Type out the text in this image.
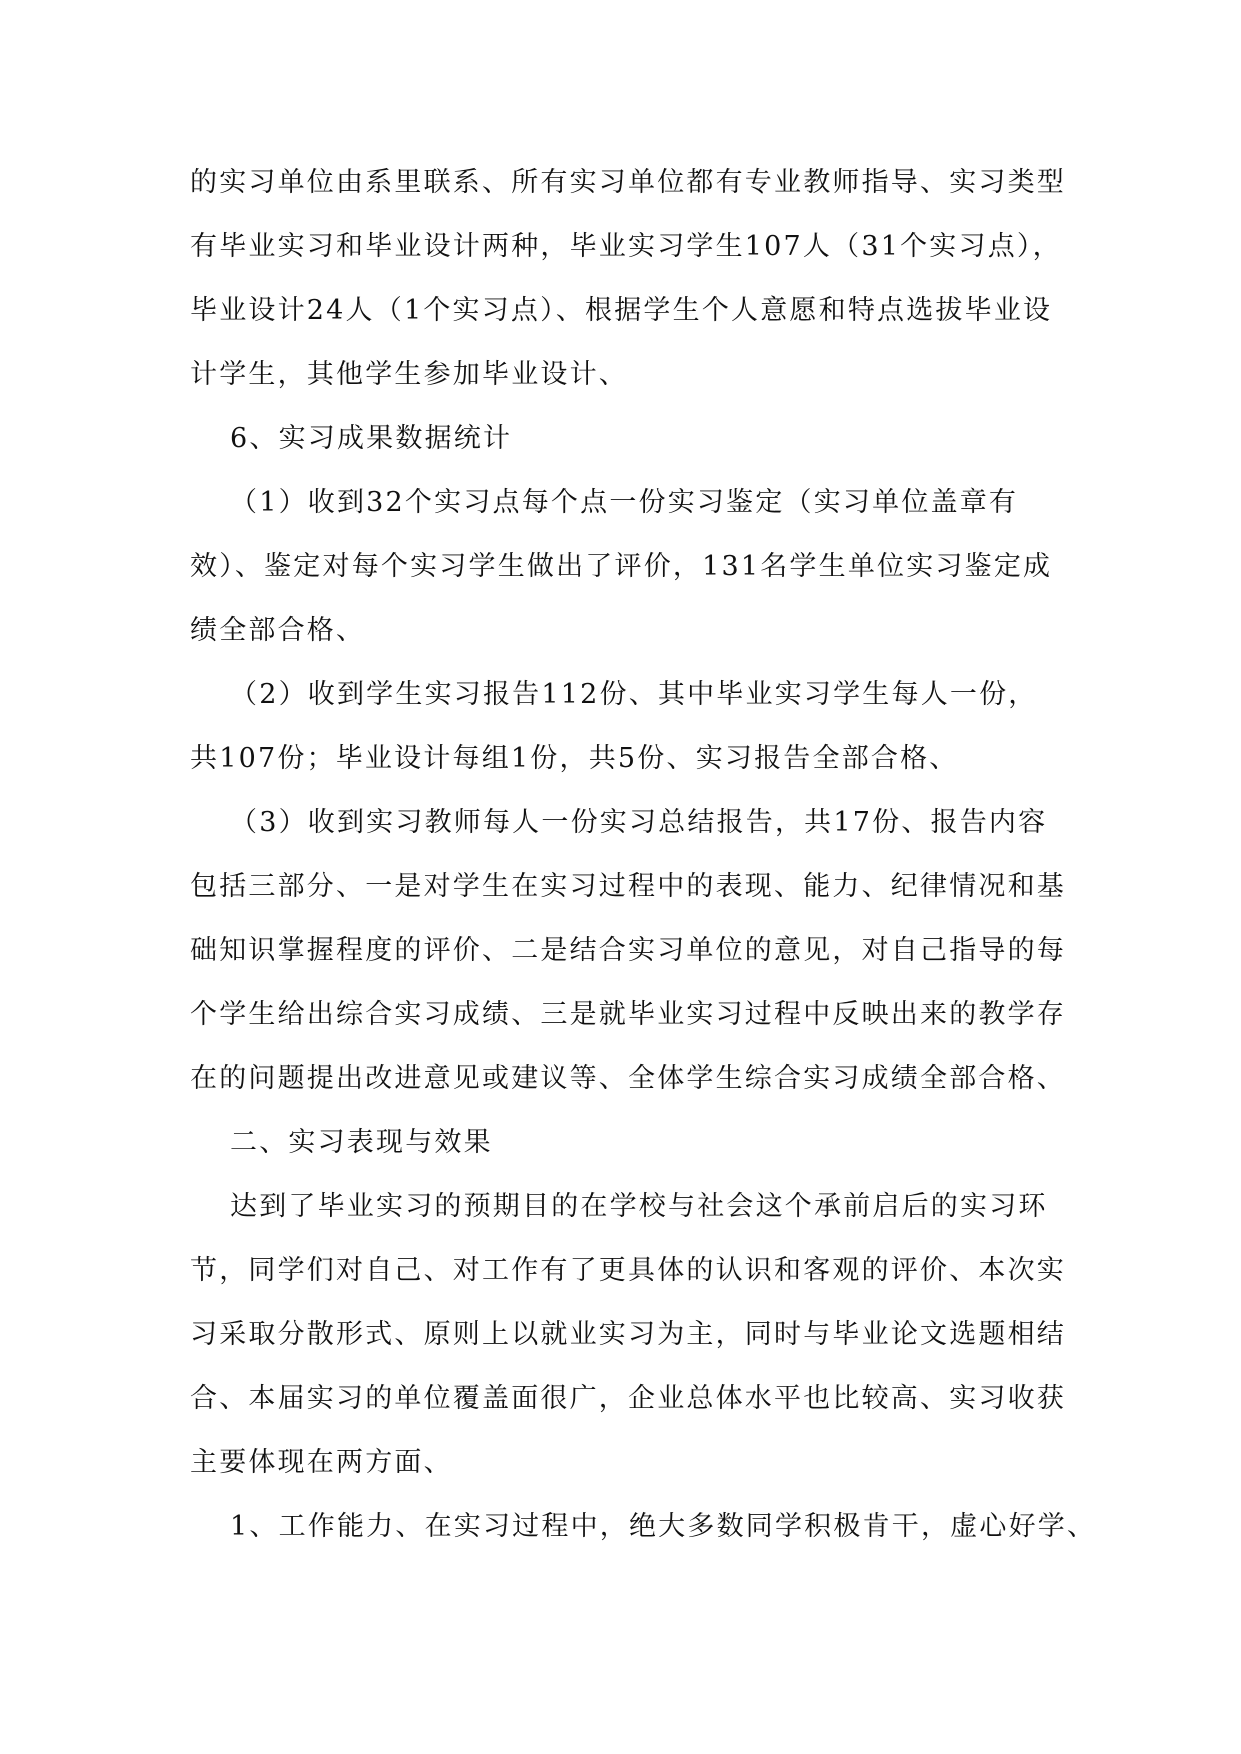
的实习单位由系里联系、所有实习单位都有专业教师指导、实习类型
有毕业实习和毕业设计两种，毕业实习学生107人（31个实习点），
毕业设计24人（1个实习点）、根据学生个人意愿和特点选拔毕业设
计学生，其他学生参加毕业设计、
6、实习成果数据统计
（1）收到32个实习点每个点一份实习鉴定（实习单位盖章有
效）、鉴定对每个实习学生做出了评价，131名学生单位实习鉴定成
绩全部合格、
（2）收到学生实习报告112份、其中毕业实习学生每人一份，
共107份；毕业设计每组1份，共5份、实习报告全部合格、
（3）收到实习教师每人一份实习总结报告，共17份、报告内容
包括三部分、一是对学生在实习过程中的表现、能力、纪律情况和基
础知识掌握程度的评价、二是结合实习单位的意见，对自己指导的每
个学生给出综合实习成绩、三是就毕业实习过程中反映出来的教学存
在的问题提出改进意见或建议等、全体学生综合实习成绩全部合格、
二、实习表现与效果
达到了毕业实习的预期目的在学校与社会这个承前启后的实习环
节，同学们对自己、对工作有了更具体的认识和客观的评价、本次实
习采取分散形式、原则上以就业实习为主，同时与毕业论文选题相结
合、本届实习的单位覆盖面很广，企业总体水平也比较高、实习收获
主要体现在两方面、
1、工作能力、在实习过程中，绝大多数同学积极肯干，虚心好学、
